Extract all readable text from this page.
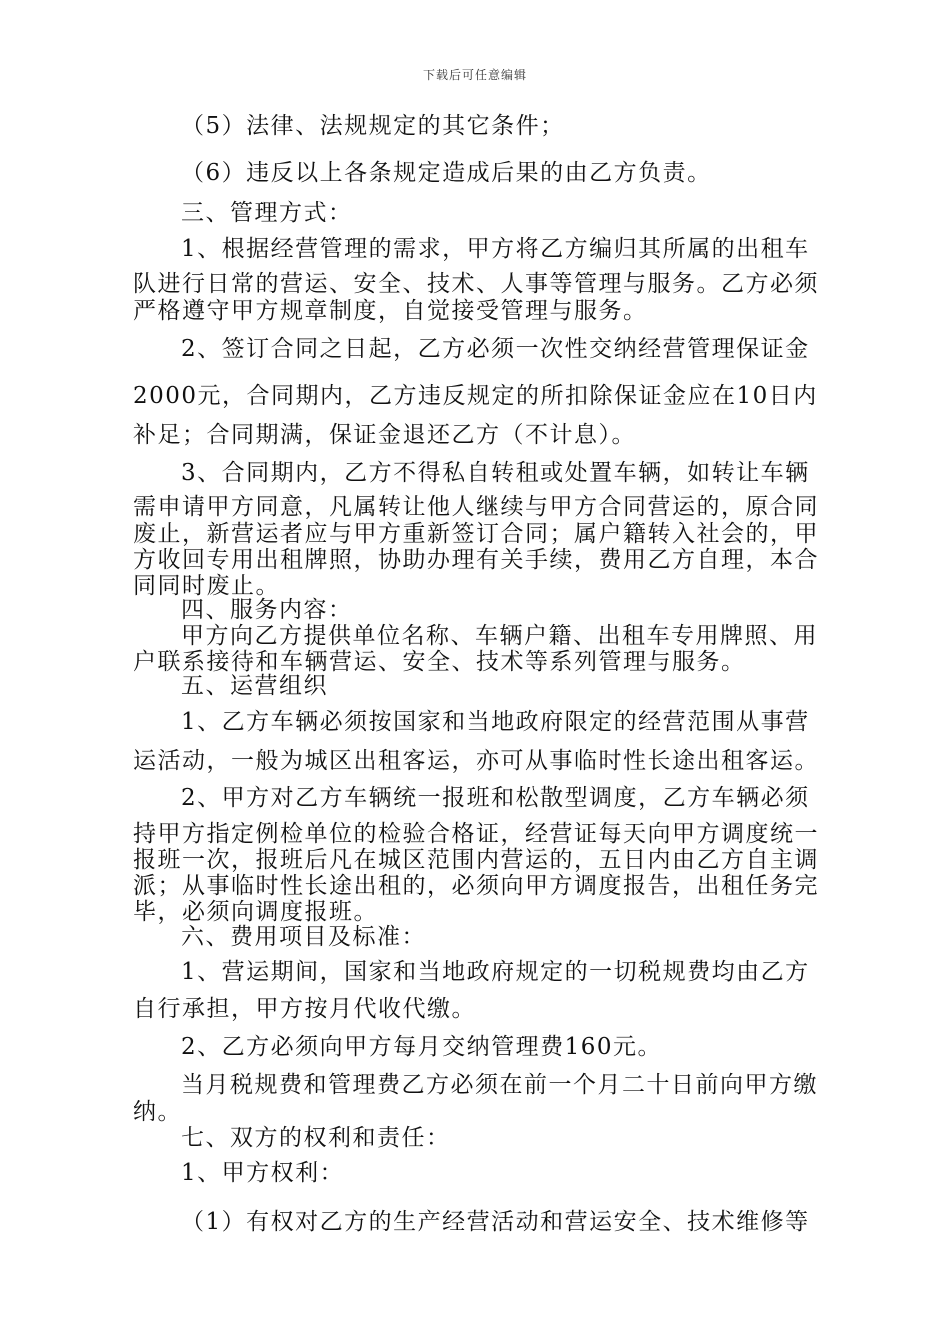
下载后可任意编辑
（5）法律、法规规定的其它条件；
（6）违反以上各条规定造成后果的由乙方负责。
三、管理方式：
1、根据经营管理的需求，甲方将乙方编归其所属的出租车
队进行日常的营运、安全、技术、人事等管理与服务。乙方必须
严格遵守甲方规章制度，自觉接受管理与服务。
2、签订合同之日起，乙方必须一次性交纳经营管理保证金
2000元，合同期内，乙方违反规定的所扣除保证金应在10日内
补足；合同期满，保证金退还乙方（不计息）。
3、合同期内，乙方不得私自转租或处置车辆，如转让车辆
需申请甲方同意，凡属转让他人继续与甲方合同营运的，原合同
废止，新营运者应与甲方重新签订合同；属户籍转入社会的，甲
方收回专用出租牌照，协助办理有关手续，费用乙方自理，本合
同同时废止。
四、服务内容：
甲方向乙方提供单位名称、车辆户籍、出租车专用牌照、用
户联系接待和车辆营运、安全、技术等系列管理与服务。
五、运营组织
1、乙方车辆必须按国家和当地政府限定的经营范围从事营
运活动，一般为城区出租客运，亦可从事临时性长途出租客运。
2、甲方对乙方车辆统一报班和松散型调度，乙方车辆必须
持甲方指定例检单位的检验合格证，经营证每天向甲方调度统一
报班一次，报班后凡在城区范围内营运的，五日内由乙方自主调
派；从事临时性长途出租的，必须向甲方调度报告，出租任务完
毕，必须向调度报班。
六、费用项目及标准：
1、营运期间，国家和当地政府规定的一切税规费均由乙方
自行承担，甲方按月代收代缴。
2、乙方必须向甲方每月交纳管理费160元。
当月税规费和管理费乙方必须在前一个月二十日前向甲方缴
纳。
七、双方的权利和责任：
1、甲方权利：
（1）有权对乙方的生产经营活动和营运安全、技术维修等
